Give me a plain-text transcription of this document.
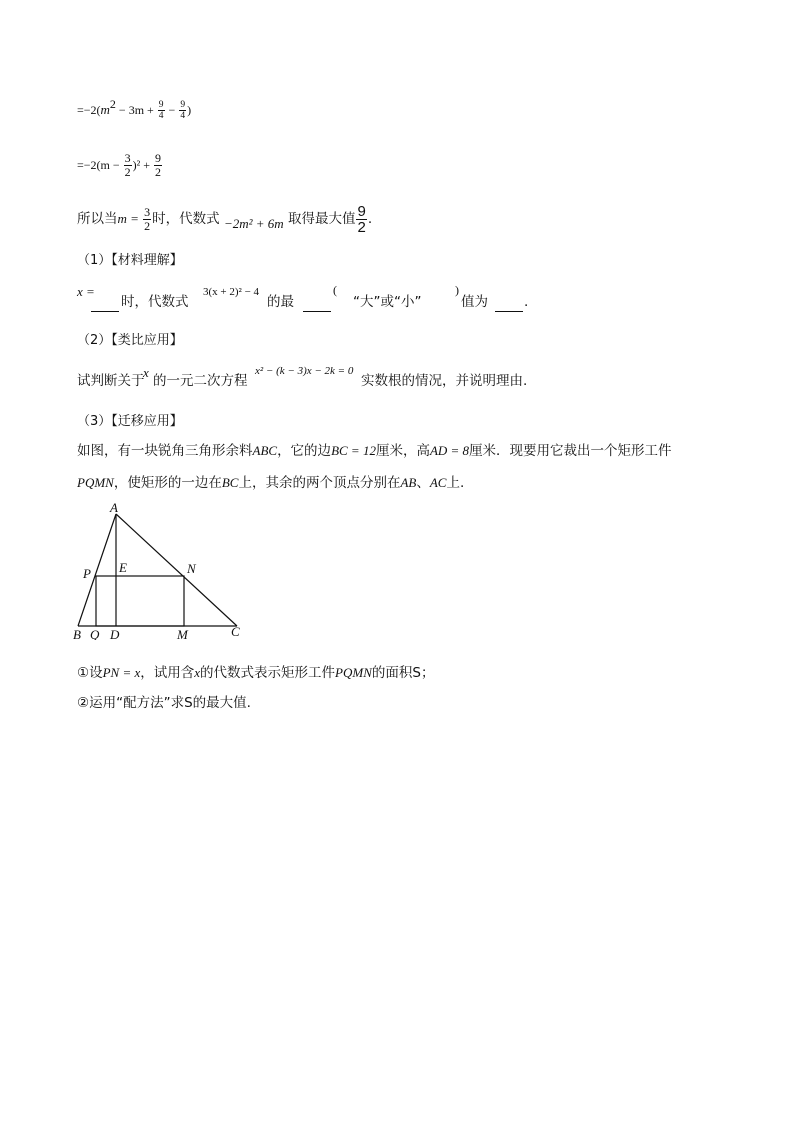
$=-2(m^2 - 3m + \frac{9}{4} - \frac{9}{4}$ )
$=-2(m - \frac{3}{2} )^2 + \frac{9}{2}$
所以当$m = \frac{3}{2}$ 时，代数式 −2m² + 6m 取得最大值 $\frac{9}{2}$ .
（1）【材料理解】
x =
时，代数式
3(x + 2)² − 4
的最
(
“大”或“小”
)
值为	.
（2）【类比应用】
试判断关于
x
的一元二次方程
x² − (k − 3)x − 2k = 0
实数根的情况，并说明理由.
（3）【迁移应用】
如图，有一块锐角三角形余料ABC，它的边BC = 12厘米，高AD = 8厘米．现要用它裁出一个矩形工件
PQMN，使矩形的一边在BC上，其余的两个顶点分别在AB、AC上.
A
P E	N
B Q D	M	C
①设PN = x，试用含x的代数式表示矩形工件PQMN的面积S；
②运用“配方法”求S的最大值.
